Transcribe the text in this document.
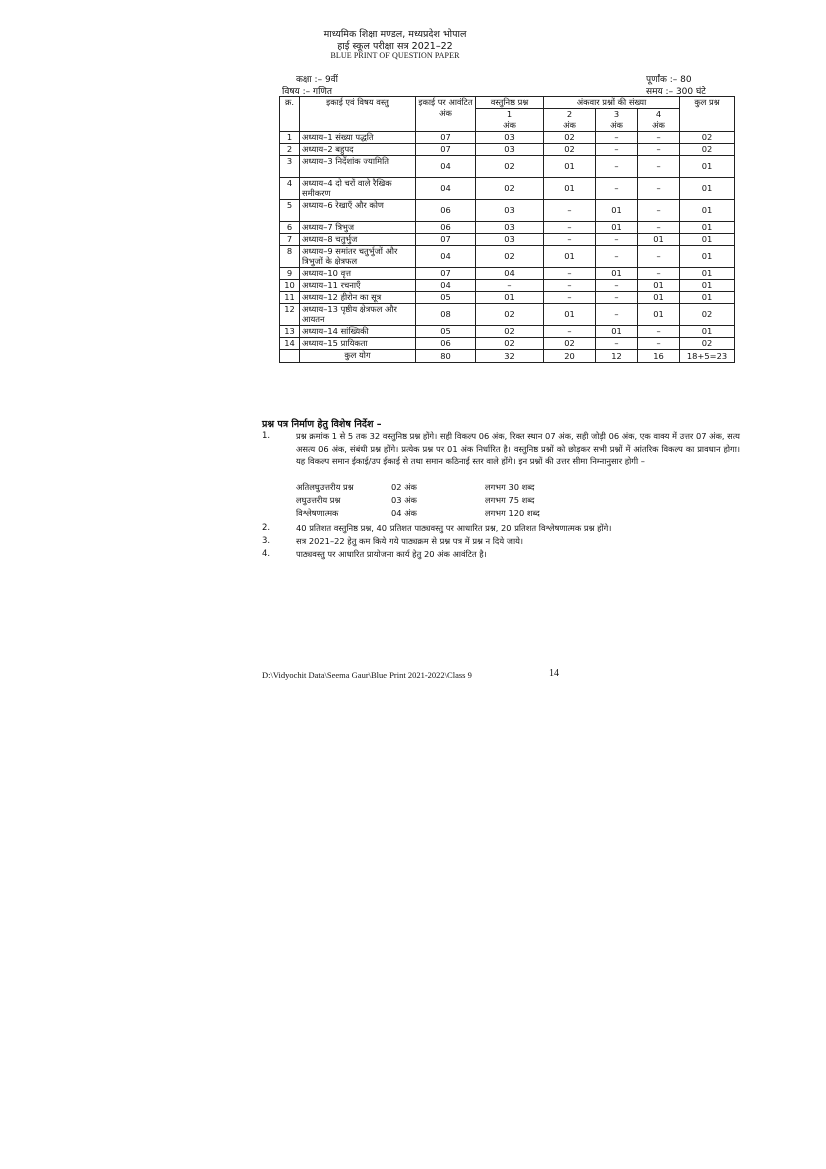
माध्यमिक शिक्षा मण्डल, मध्यप्रदेश भोपाल
हाई स्कूल परीक्षा सत्र 2021–22
BLUE PRINT OF QUESTION PAPER
कक्षा :– 9वीं
विषय :– गणित
पूर्णांक :– 80
समय :– 300 घंटे
क्र.	इकाई एवं विषय वस्तु	इकाई पर आवंटित अंक	वस्तुनिष्ठ प्रश्न	अंकवार प्रश्नों की संख्या			कुल प्रश्न
			1	2	3	4	
			अंक	अंक	अंक	अंक	
1	अध्याय–1 संख्या पद्धति	07	03	02	–	–	02
2	अध्याय–2 बहुपद	07	03	02	–	–	02
3	अध्याय–3 निर्देशांक ज्यामिति	04	02	01	–	–	01
4	अध्याय–4 दो चरों वाले रैखिक समीकरण	04	02	01	–	–	01
5	अध्याय–6 रेखाएँ और कोण	06	03	–	01	–	01
6	अध्याय–7 त्रिभुज	06	03	–	01	–	01
7	अध्याय–8 चतुर्भुज	07	03	–	–	01	01
8	अध्याय–9 समांतर चतुर्भुजों और त्रिभुजों के क्षेत्रफल	04	02	01	–	–	01
9	अध्याय–10 वृत्त	07	04	–	01	–	01
10	अध्याय–11 रचनाएँ	04	–	–	–	01	01
11	अध्याय–12 हीरोन का सूत्र	05	01	–	–	01	01
12	अध्याय–13 पृष्ठीय क्षेत्रफल और आयतन	08	02	01	–	01	02
13	अध्याय–14 सांख्यिकी	05	02	–	01	–	01
14	अध्याय–15 प्रायिकता	06	02	02	–	–	02
	कुल योग	80	32	20	12	16	18+5=23
प्रश्न पत्र निर्माण हेतु विशेष निर्देश –
1.	प्रश्न क्रमांक 1 से 5 तक 32 वस्तुनिष्ठ प्रश्न होंगे। सही विकल्प 06 अंक, रिक्त स्थान 07 अंक, सही जोड़ी 06 अंक, एक वाक्य में उत्तर 07 अंक, सत्य असत्य 06 अंक, संबंधी प्रश्न होंगे। प्रत्येक प्रश्न पर 01 अंक निर्धारित है। वस्तुनिष्ठ प्रश्नों को छोड़कर सभी प्रश्नों में आंतरिक विकल्प का प्रावधान होगा। यह विकल्प समान ईकाई/उप ईकाई से तथा समान कठिनाई स्तर वाले होंगे। इन प्रश्नों की उत्तर सीमा निम्नानुसार होगी –
अतिलघुउत्तरीय प्रश्न	02 अंक	लगभग 30 शब्द
लघुउत्तरीय प्रश्न	03 अंक	लगभग 75 शब्द
विश्लेषणात्मक	04 अंक	लगभग 120 शब्द
2.	40 प्रतिशत वस्तुनिष्ठ प्रश्न, 40 प्रतिशत पाठ्यवस्तु पर आधारित प्रश्न, 20 प्रतिशत विश्लेषणात्मक प्रश्न होंगे।
3.	सत्र 2021–22 हेतु कम किये गये पाठ्यक्रम से प्रश्न पत्र में प्रश्न न दिये जाये।
4.	पाठ्यवस्तु पर आधारित प्रायोजना कार्य हेतु 20 अंक आवंटित है।
D:\Vidyochit Data\Seema Gaur\Blue Print 2021-2022\Class 9	14
